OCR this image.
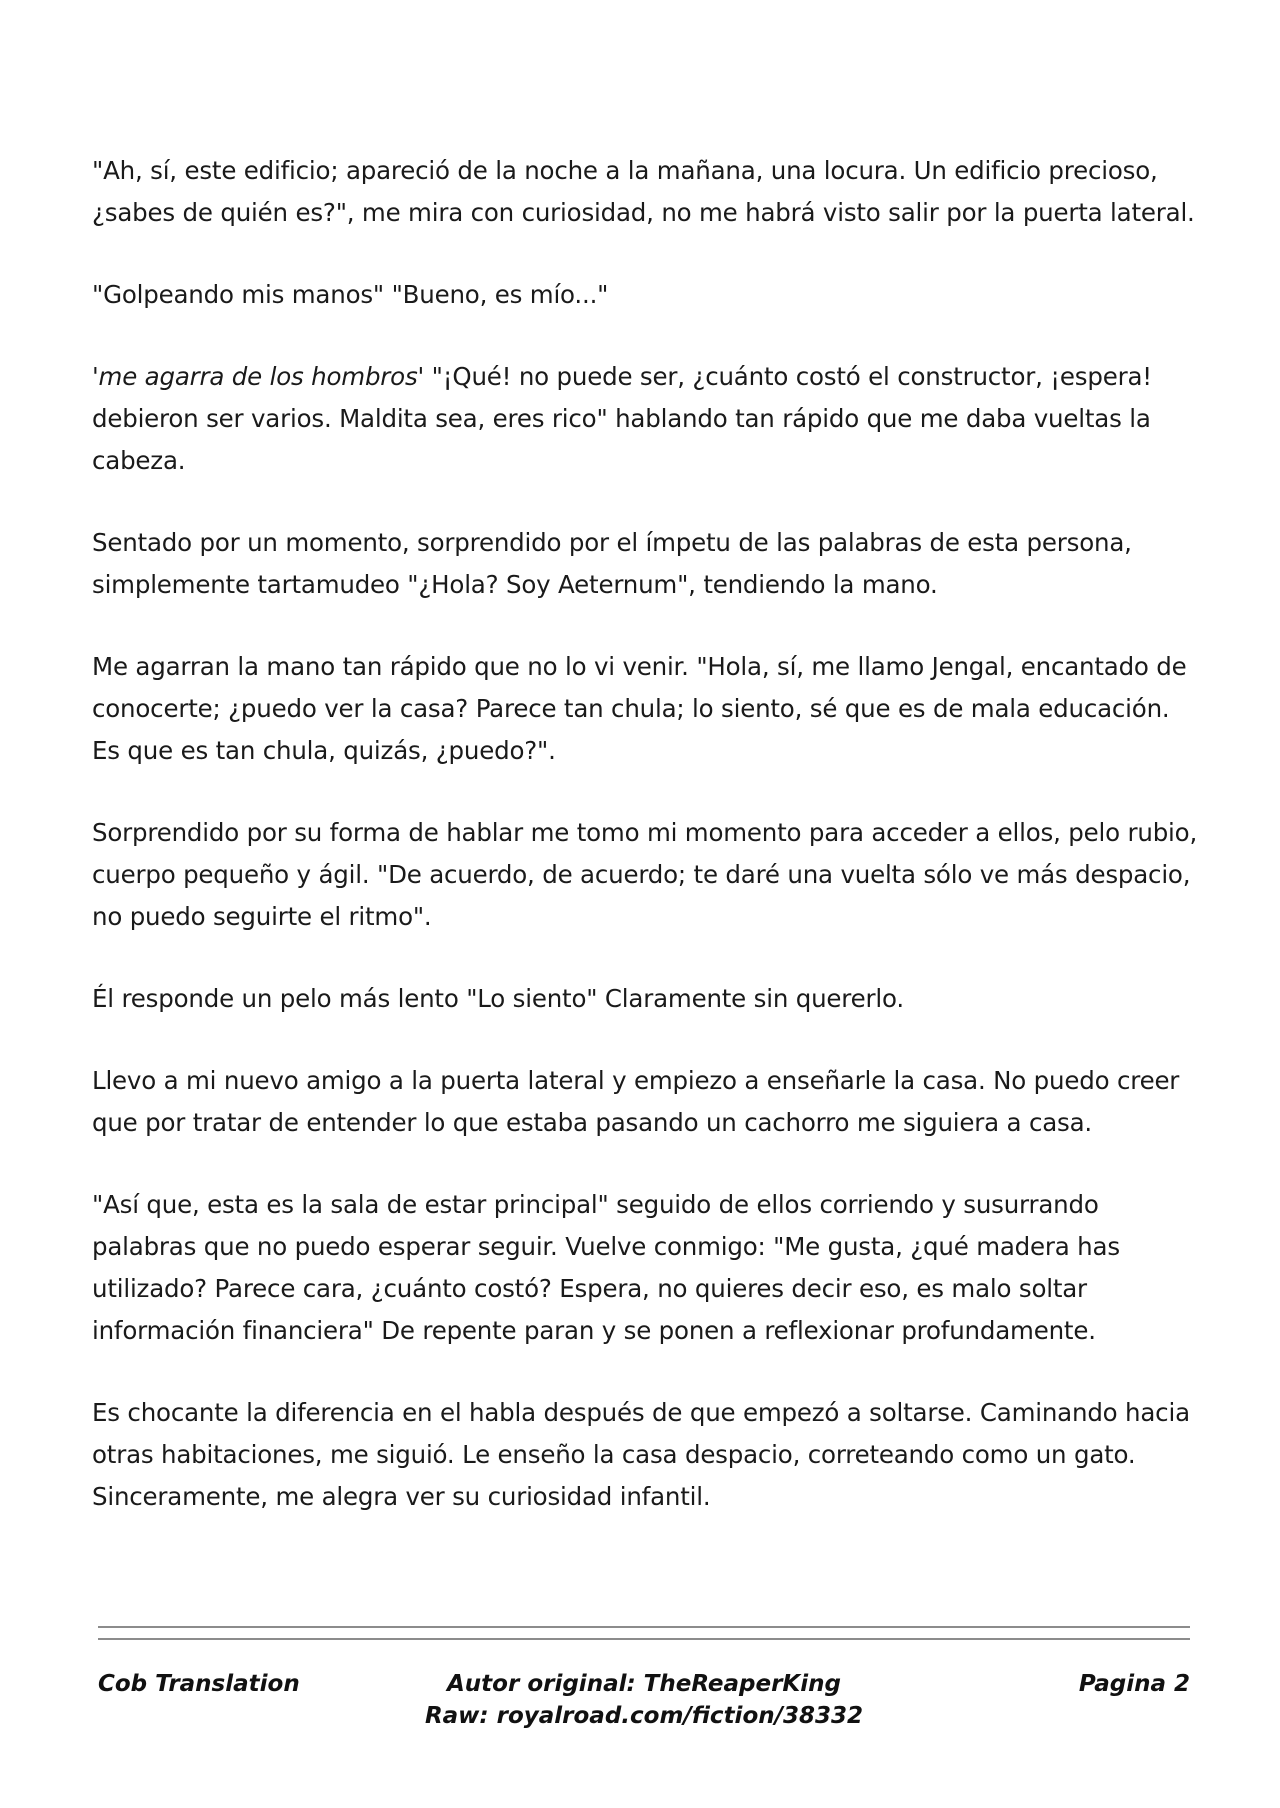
"Ah, sí, este edificio; apareció de la noche a la mañana, una locura. Un edificio precioso, ¿sabes de quién es?", me mira con curiosidad, no me habrá visto salir por la puerta lateral.

"Golpeando mis manos" "Bueno, es mío..."

'me agarra de los hombros' "¡Qué! no puede ser, ¿cuánto costó el constructor, ¡espera! debieron ser varios. Maldita sea, eres rico" hablando tan rápido que me daba vueltas la cabeza.

Sentado por un momento, sorprendido por el ímpetu de las palabras de esta persona, simplemente tartamudeo "¿Hola? Soy Aeternum", tendiendo la mano.

Me agarran la mano tan rápido que no lo vi venir. "Hola, sí, me llamo Jengal, encantado de conocerte; ¿puedo ver la casa? Parece tan chula; lo siento, sé que es de mala educación. Es que es tan chula, quizás, ¿puedo?".

Sorprendido por su forma de hablar me tomo mi momento para acceder a ellos, pelo rubio, cuerpo pequeño y ágil. "De acuerdo, de acuerdo; te daré una vuelta sólo ve más despacio, no puedo seguirte el ritmo".

Él responde un pelo más lento "Lo siento" Claramente sin quererlo.

Llevo a mi nuevo amigo a la puerta lateral y empiezo a enseñarle la casa. No puedo creer que por tratar de entender lo que estaba pasando un cachorro me siguiera a casa.

"Así que, esta es la sala de estar principal" seguido de ellos corriendo y susurrando palabras que no puedo esperar seguir. Vuelve conmigo: "Me gusta, ¿qué madera has utilizado? Parece cara, ¿cuánto costó? Espera, no quieres decir eso, es malo soltar información financiera" De repente paran y se ponen a reflexionar profundamente.

Es chocante la diferencia en el habla después de que empezó a soltarse. Caminando hacia otras habitaciones, me siguió. Le enseño la casa despacio, correteando como un gato. Sinceramente, me alegra ver su curiosidad infantil.

Cob Translation	Autor original: TheReaperKing
Raw: royalroad.com/fiction/38332
Pagina 2
